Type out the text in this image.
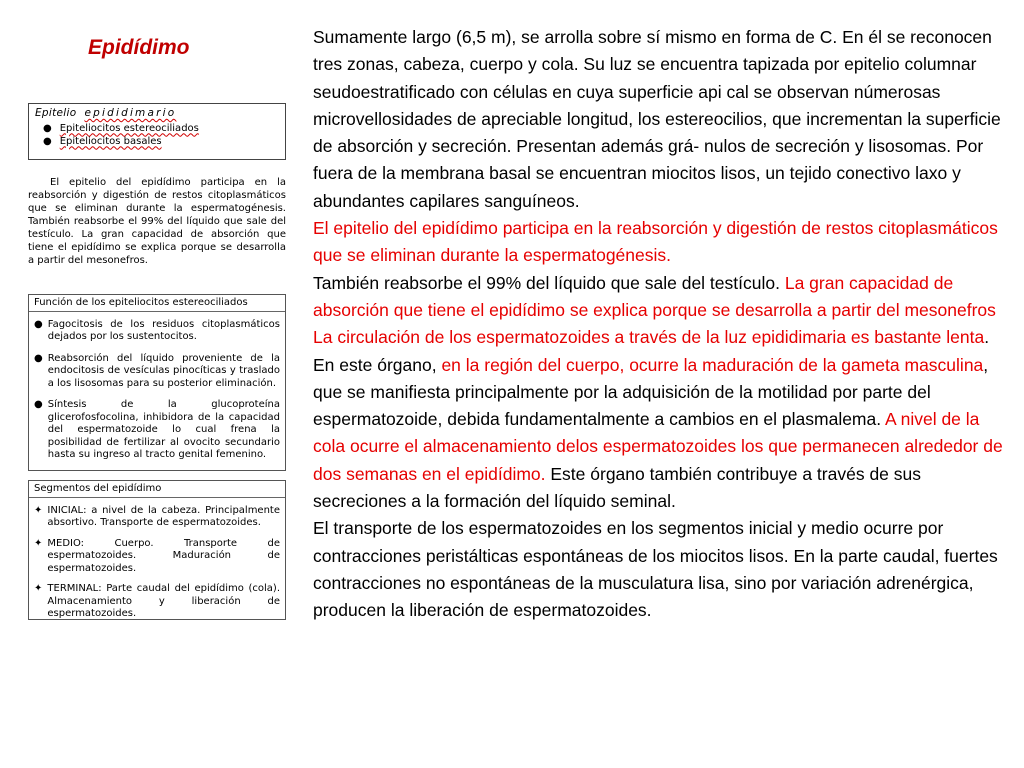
Epidídimo
Epitelio epididimario
● Epiteliocitos estereociliados
● Epiteliocitos basales
El epitelio del epidídimo participa en la reabsorción y digestión de restos citoplasmáticos que se eliminan durante la espermatogénesis. También reabsorbe el 99% del líquido que sale del testículo. La gran capacidad de absorción que tiene el epidídimo se explica porque se desarrolla a partir del mesonefros.
Función de los epiteliocitos estereociliados
● Fagocitosis de los residuos citoplasmáticos dejados por los sustentocitos.
● Reabsorción del líquido proveniente de la endocitosis de vesículas pinocíticas y traslado a los lisosomas para su posterior eliminación.
● Síntesis de la glucoproteína glicerofosfocolina, inhibidora de la capacidad del espermatozoide lo cual frena la posibilidad de fertilizar al ovocito secundario hasta su ingreso al tracto genital femenino.
Segmentos del epidídimo
✦ INICIAL: a nivel de la cabeza. Principalmente absortivo. Transporte de espermatozoides.
✦ MEDIO: Cuerpo. Transporte de espermatozoides. Maduración de espermatozoides.
✦ TERMINAL: Parte caudal del epidídimo (cola). Almacenamiento y liberación de espermatozoides.
Sumamente largo (6,5 m), se arrolla sobre sí mismo en forma de C. En él se reconocen tres zonas, cabeza, cuerpo y cola. Su luz se encuentra tapizada por epitelio columnar seudoestratificado con células en cuya superficie api cal se observan númerosas microvellosidades de apreciable longitud, los estereocilios, que incrementan la superficie de absorción y secreción. Presentan además grá- nulos de secreción y lisosomas. Por fuera de la membrana basal se encuentran miocitos lisos, un tejido conectivo laxo y abundantes capilares sanguíneos.
El epitelio del epidídimo participa en la reabsorción y digestión de restos citoplasmáticos que se eliminan durante la espermatogénesis.
También reabsorbe el 99% del líquido que sale del testículo. La gran capacidad de absorción que tiene el epidídimo se explica porque se desarrolla a partir del mesonefros La circulación de los espermatozoides a través de la luz epididimaria es bastante lenta. En este órgano, en la región del cuerpo, ocurre la maduración de la gameta masculina, que se manifiesta principalmente por la adquisición de la motilidad por parte del espermatozoide, debida fundamentalmente a cambios en el plasmalema. A nivel de la cola ocurre el almacenamiento delos espermatozoides los que permanecen alrededor de dos semanas en el epidídimo. Este órgano también contribuye a través de sus secreciones a la formación del líquido seminal.
El transporte de los espermatozoides en los segmentos inicial y medio ocurre por contracciones peristálticas espontáneas de los miocitos lisos. En la parte caudal, fuertes contracciones no espontáneas de la musculatura lisa, sino por variación adrenérgica, producen la liberación de espermatozoides.
